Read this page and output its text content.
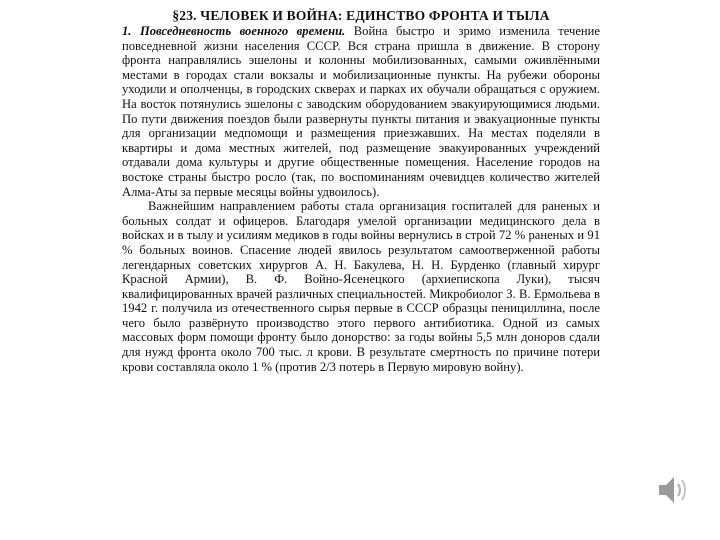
§23. ЧЕЛОВЕК И ВОЙНА: ЕДИНСТВО ФРОНТА И ТЫЛА

1. Повседневность военного времени. Война быстро и зримо изменила течение повседневной жизни населения СССР. Вся страна пришла в движение. В сторону фронта направлялись эшелоны и колонны мобилизованных, самыми оживлёнными местами в городах стали вокзалы и мобилизационные пункты. На рубежи обороны уходили и ополченцы, в городских скверах и парках их обучали обращаться с оружием. На восток потянулись эшелоны с заводским оборудованием эвакуирующимися людьми. По пути движения поездов были развернуты пункты питания и эвакуационные пункты для организации медпомощи и размещения приезжавших. На местах поделяли в квартиры и дома местных жителей, под размещение эвакуированных учреждений отдавали дома культуры и другие общественные помещения. Население городов на востоке страны быстро росло (так, по воспоминаниям очевидцев количество жителей Алма-Аты за первые месяцы войны удвоилось).

Важнейшим направлением работы стала организация госпиталей для раненых и больных солдат и офицеров. Благодаря умелой организации медицинского дела в войсках и в тылу и усилиям медиков в годы войны вернулись в строй 72 % раненых и 91 % больных воинов. Спасение людей явилось результатом самоотверженной работы легендарных советских хирургов А. Н. Бакулева, Н. Н. Бурденко (главный хирург Красной Армии), В. Ф. Войно-Ясенецкого (архиепископа Луки), тысяч квалифицированных врачей различных специальностей. Микробиолог З. В. Ермольева в 1942 г. получила из отечественного сырья первые в СССР образцы пенициллина, после чего было развёрнуто производство этого первого антибиотика. Одной из самых массовых форм помощи фронту было донорство: за годы войны 5,5 млн доноров сдали для нужд фронта около 700 тыс. л крови. В результате смертность по причине потери крови составляла около 1 % (против 2/3 потерь в Первую мировую войну).
